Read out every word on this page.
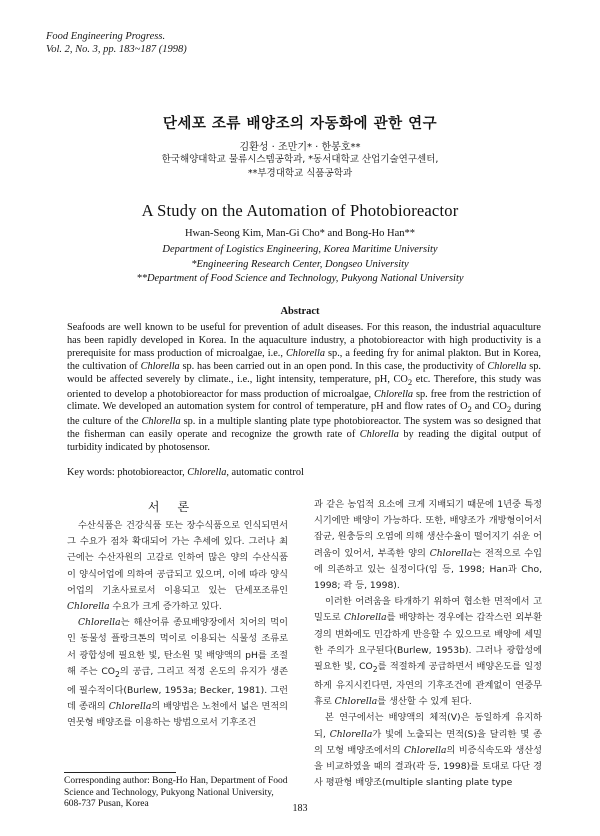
Food Engineering Progress.
Vol. 2, No. 3, pp. 183~187 (1998)
단세포 조류 배양조의 자동화에 관한 연구
김환성 · 조만기* · 한봉호**
한국해양대학교 물류시스템공학과, *동서대학교 산업기술연구센터,
**부경대학교 식품공학과
A Study on the Automation of Photobioreactor
Hwan-Seong Kim, Man-Gi Cho* and Bong-Ho Han**
Department of Logistics Engineering, Korea Maritime University
*Engineering Research Center, Dongseo University
**Department of Food Science and Technology, Pukyong National University
Abstract

Seafoods are well known to be useful for prevention of adult diseases. For this reason, the industrial aquaculture has been rapidly developed in Korea. In the aquaculture industry, a photobioreactor with high productivity is a prerequisite for mass production of microalgae, i.e., Chlorella sp., a feeding fry for animal plakton. But in Korea, the cultivation of Chlorella sp. has been carried out in an open pond. In this case, the productivity of Chlorella sp. would be affected severely by climate., i.e., light intensity, temperature, pH, $CO_2$ etc. Therefore, this study was oriented to develop a photobioreactor for mass production of microalgae, Chlorella sp. free from the restriction of climate. We developed an automation system for control of temperature, pH and flow rates of $O_2$ and $CO_2$ during the culture of the Chlorella sp. in a multiple slanting plate type photobioreactor. The system was so designed that the fisherman can easily operate and recognize the growth rate of Chlorella by reading the digital output of turbidity indicated by photosensor.

Key words: photobioreactor, Chlorella, automatic control

서론

수산식품은 건강식품 또는 장수식품으로 인식되면서 그 수요가 점차 확대되어 가는 추세에 있다. 그러나 최근에는 수산자원의 고갈로 인하여 많은 양의 수산식품이 양식어업에 의하여 공급되고 있으며, 이에 따라 양식어업의 기초사료로서 이용되고 있는 단세포조류인 Chlorella 수요가 크게 증가하고 있다.

Chlorella는 해산어류 종묘배양장에서 치어의 먹이인 동물성 플랑크톤의 먹이로 이용되는 식물성 조류로서 광합성에 필요한 빛, 탄소원 및 배양액의 pH를 조절해 주는 $CO_2$의 공급, 그리고 적정 온도의 유지가 생존에 필수적이다(Burlew, 1953a; Becker, 1981). 그런데 종래의 Chlorella의 배양법은 노천에서 넓은 면적의 연못형 배양조를 이용하는 방법으로서 기후조건

과 같은 농업적 요소에 크게 지배되기 때문에 1년중 특정 시기에만 배양이 가능하다. 또한, 배양조가 개방형이어서 잡균, 원충등의 오염에 의해 생산수율이 떨어지기 쉬운 어려움이 있어서, 부족한 양의 Chlorella는 전적으로 수입에 의존하고 있는 실정이다(임 등, 1998; Han과 Cho, 1998; 곽 등, 1998).

이러한 어려움을 타개하기 위하여 협소한 면적에서 고밀도로 Chlorella를 배양하는 경우에는 갑작스런 외부환경의 변화에도 민감하게 반응할 수 있으므로 배양에 세밀한 주의가 요구된다(Burlew, 1953b). 그러나 광합성에 필요한 빛, $CO_2$를 적절하게 공급하면서 배양온도를 일정하게 유지시킨다면, 자연의 기후조건에 관계없이 연중무휴로 Chlorella를 생산할 수 있게 된다.

본 연구에서는 배양액의 체적(V)은 동일하게 유지하되, Chlorella가 빛에 노출되는 면적(S)을 달리한 몇 종의 모형 배양조에서의 Chlorella의 비증식속도와 생산성을 비교하였을 때의 결과(곽 등, 1998)를 토대로 다단 경사 평판형 배양조(multiple slanting plate type

Corresponding author: Bong-Ho Han, Department of Food Science and Technology, Pukyong National University, 608-737 Pusan, Korea	183
